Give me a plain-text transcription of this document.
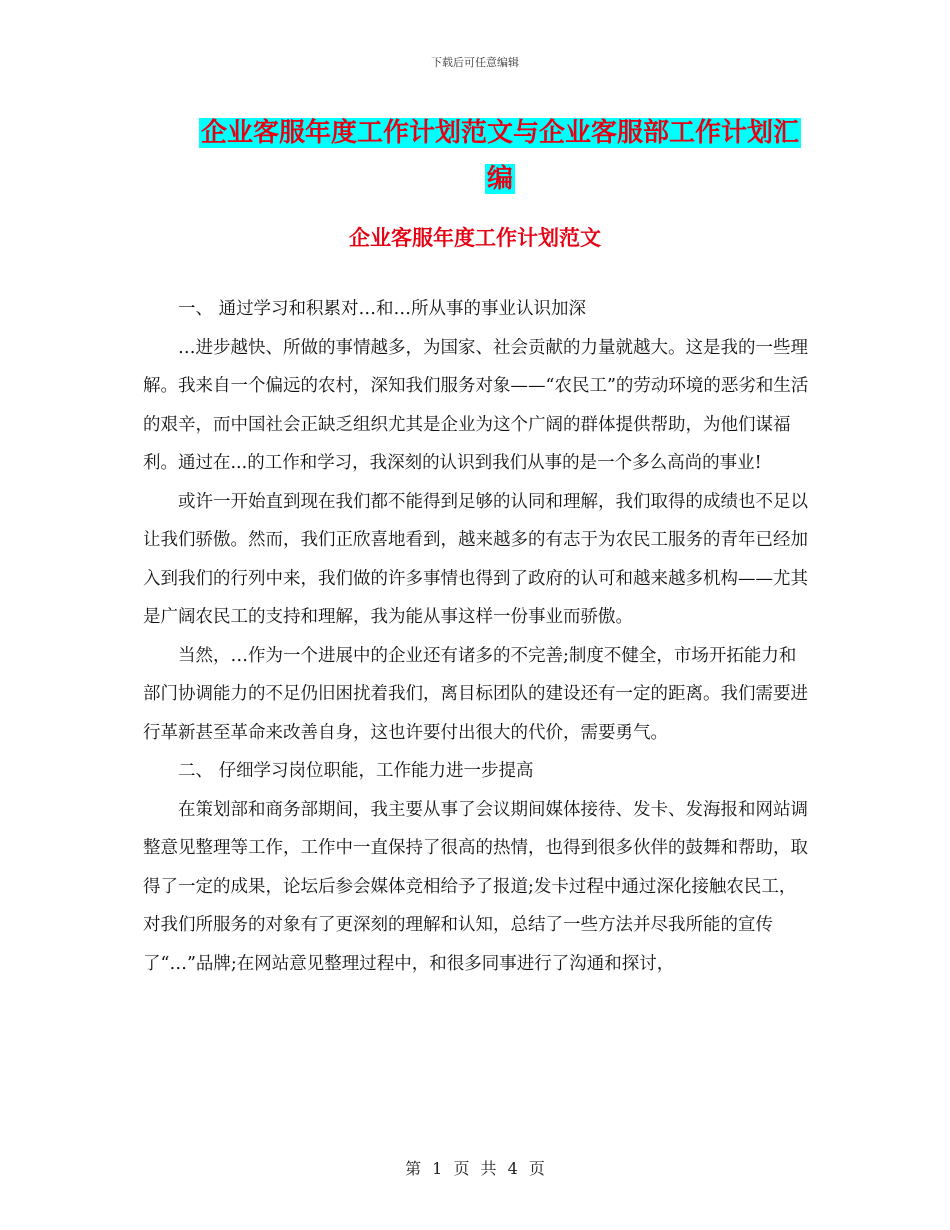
下载后可任意编辑
企业客服年度工作计划范文与企业客服部工作计划汇
编
企业客服年度工作计划范文

一、 通过学习和积累对…和…所从事的事业认识加深

…进步越快、所做的事情越多，为国家、社会贡献的力量就越大。这是我的一些理解。我来自一个偏远的农村，深知我们服务对象——“农民工”的劳动环境的恶劣和生活的艰辛，而中国社会正缺乏组织尤其是企业为这个广阔的群体提供帮助，为他们谋福利。通过在...的工作和学习，我深刻的认识到我们从事的是一个多么高尚的事业!

或许一开始直到现在我们都不能得到足够的认同和理解，我们取得的成绩也不足以让我们骄傲。然而，我们正欣喜地看到，越来越多的有志于为农民工服务的青年已经加入到我们的行列中来，我们做的许多事情也得到了政府的认可和越来越多机构——尤其是广阔农民工的支持和理解，我为能从事这样一份事业而骄傲。

当然，…作为一个进展中的企业还有诸多的不完善;制度不健全，市场开拓能力和部门协调能力的不足仍旧困扰着我们，离目标团队的建设还有一定的距离。我们需要进行革新甚至革命来改善自身，这也许要付出很大的代价，需要勇气。

二、 仔细学习岗位职能，工作能力进一步提高

在策划部和商务部期间，我主要从事了会议期间媒体接待、发卡、发海报和网站调整意见整理等工作，工作中一直保持了很高的热情，也得到很多伙伴的鼓舞和帮助，取得了一定的成果，论坛后参会媒体竞相给予了报道;发卡过程中通过深化接触农民工，对我们所服务的对象有了更深刻的理解和认知，总结了一些方法并尽我所能的宣传了“…”品牌;在网站意见整理过程中，和很多同事进行了沟通和探讨，

第 1 页 共 4 页
